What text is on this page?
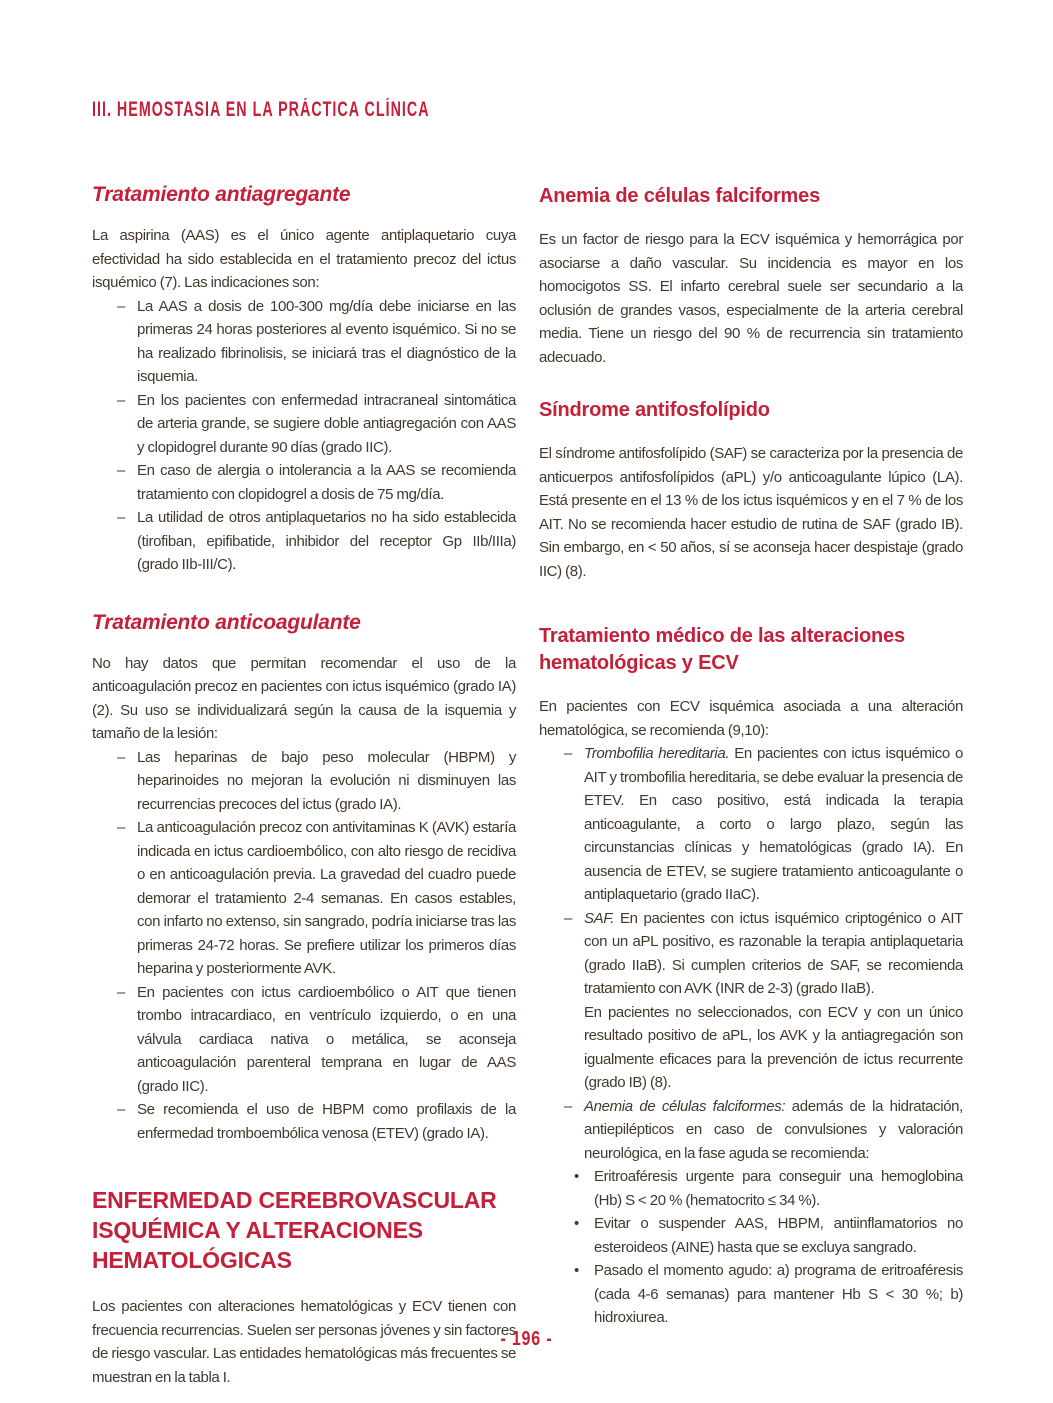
III. HEMOSTASIA EN LA PRÁCTICA CLÍNICA
Tratamiento antiagregante

La aspirina (AAS) es el único agente antiplaquetario cuya efectividad ha sido establecida en el tratamiento precoz del ictus isquémico (7). Las indicaciones son:

– La AAS a dosis de 100-300 mg/día debe iniciarse en las primeras 24 horas posteriores al evento isquémico. Si no se ha realizado fibrinolisis, se iniciará tras el diagnóstico de la isquemia.
– En los pacientes con enfermedad intracraneal sintomática de arteria grande, se sugiere doble antiagregación con AAS y clopidogrel durante 90 días (grado IIC).
– En caso de alergia o intolerancia a la AAS se recomienda tratamiento con clopidogrel a dosis de 75 mg/día.
– La utilidad de otros antiplaquetarios no ha sido establecida (tirofiban, epifibatide, inhibidor del receptor Gp IIb/IIIa) (grado IIb-III/C).
Tratamiento anticoagulante

No hay datos que permitan recomendar el uso de la anticoagulación precoz en pacientes con ictus isquémico (grado IA) (2). Su uso se individualizará según la causa de la isquemia y tamaño de la lesión:

– Las heparinas de bajo peso molecular (HBPM) y heparinoides no mejoran la evolución ni disminuyen las recurrencias precoces del ictus (grado IA).
– La anticoagulación precoz con antivitaminas K (AVK) estaría indicada en ictus cardioembólico, con alto riesgo de recidiva o en anticoagulación previa. La gravedad del cuadro puede demorar el tratamiento 2-4 semanas. En casos estables, con infarto no extenso, sin sangrado, podría iniciarse tras las primeras 24-72 horas. Se prefiere utilizar los primeros días heparina y posteriormente AVK.
– En pacientes con ictus cardioembólico o AIT que tienen trombo intracardiaco, en ventrículo izquierdo, o en una válvula cardiaca nativa o metálica, se aconseja anticoagulación parenteral temprana en lugar de AAS (grado IIC).
– Se recomienda el uso de HBPM como profilaxis de la enfermedad tromboembólica venosa (ETEV) (grado IA).
ENFERMEDAD CEREBROVASCULAR ISQUÉMICA Y ALTERACIONES HEMATOLÓGICAS

Los pacientes con alteraciones hematológicas y ECV tienen con frecuencia recurrencias. Suelen ser personas jóvenes y sin factores de riesgo vascular. Las entidades hematológicas más frecuentes se muestran en la tabla I.

Anemia de células falciformes

Es un factor de riesgo para la ECV isquémica y hemorrágica por asociarse a daño vascular. Su incidencia es mayor en los homocigotos SS. El infarto cerebral suele ser secundario a la oclusión de grandes vasos, especialmente de la arteria cerebral media. Tiene un riesgo del 90 % de recurrencia sin tratamiento adecuado.

Síndrome antifosfolípido

El síndrome antifosfolípido (SAF) se caracteriza por la presencia de anticuerpos antifosfolípidos (aPL) y/o anticoagulante lúpico (LA). Está presente en el 13 % de los ictus isquémicos y en el 7 % de los AIT. No se recomienda hacer estudio de rutina de SAF (grado IB). Sin embargo, en < 50 años, sí se aconseja hacer despistaje (grado IIC) (8).

Tratamiento médico de las alteraciones hematológicas y ECV

En pacientes con ECV isquémica asociada a una alteración hematológica, se recomienda (9,10):

– Trombofilia hereditaria. En pacientes con ictus isquémico o AIT y trombofilia hereditaria, se debe evaluar la presencia de ETEV. En caso positivo, está indicada la terapia anticoagulante, a corto o largo plazo, según las circunstancias clínicas y hematológicas (grado IA). En ausencia de ETEV, se sugiere tratamiento anticoagulante o antiplaquetario (grado IIaC).
– SAF. En pacientes con ictus isquémico criptogénico o AIT con un aPL positivo, es razonable la terapia antiplaquetaria (grado IIaB). Si cumplen criterios de SAF, se recomienda tratamiento con AVK (INR de 2-3) (grado IIaB).
En pacientes no seleccionados, con ECV y con un único resultado positivo de aPL, los AVK y la antiagregación son igualmente eficaces para la prevención de ictus recurrente (grado IB) (8).
– Anemia de células falciformes: además de la hidratación, antiepilépticos en caso de convulsiones y valoración neurológica, en la fase aguda se recomienda:
• Eritroaféresis urgente para conseguir una hemoglobina (Hb) S < 20 % (hematocrito ≤ 34 %).
• Evitar o suspender AAS, HBPM, antiinflamatorios no esteroideos (AINE) hasta que se excluya sangrado.
• Pasado el momento agudo: a) programa de eritroaféresis (cada 4-6 semanas) para mantener Hb S < 30 %; b) hidroxiurea.
- 196 -
